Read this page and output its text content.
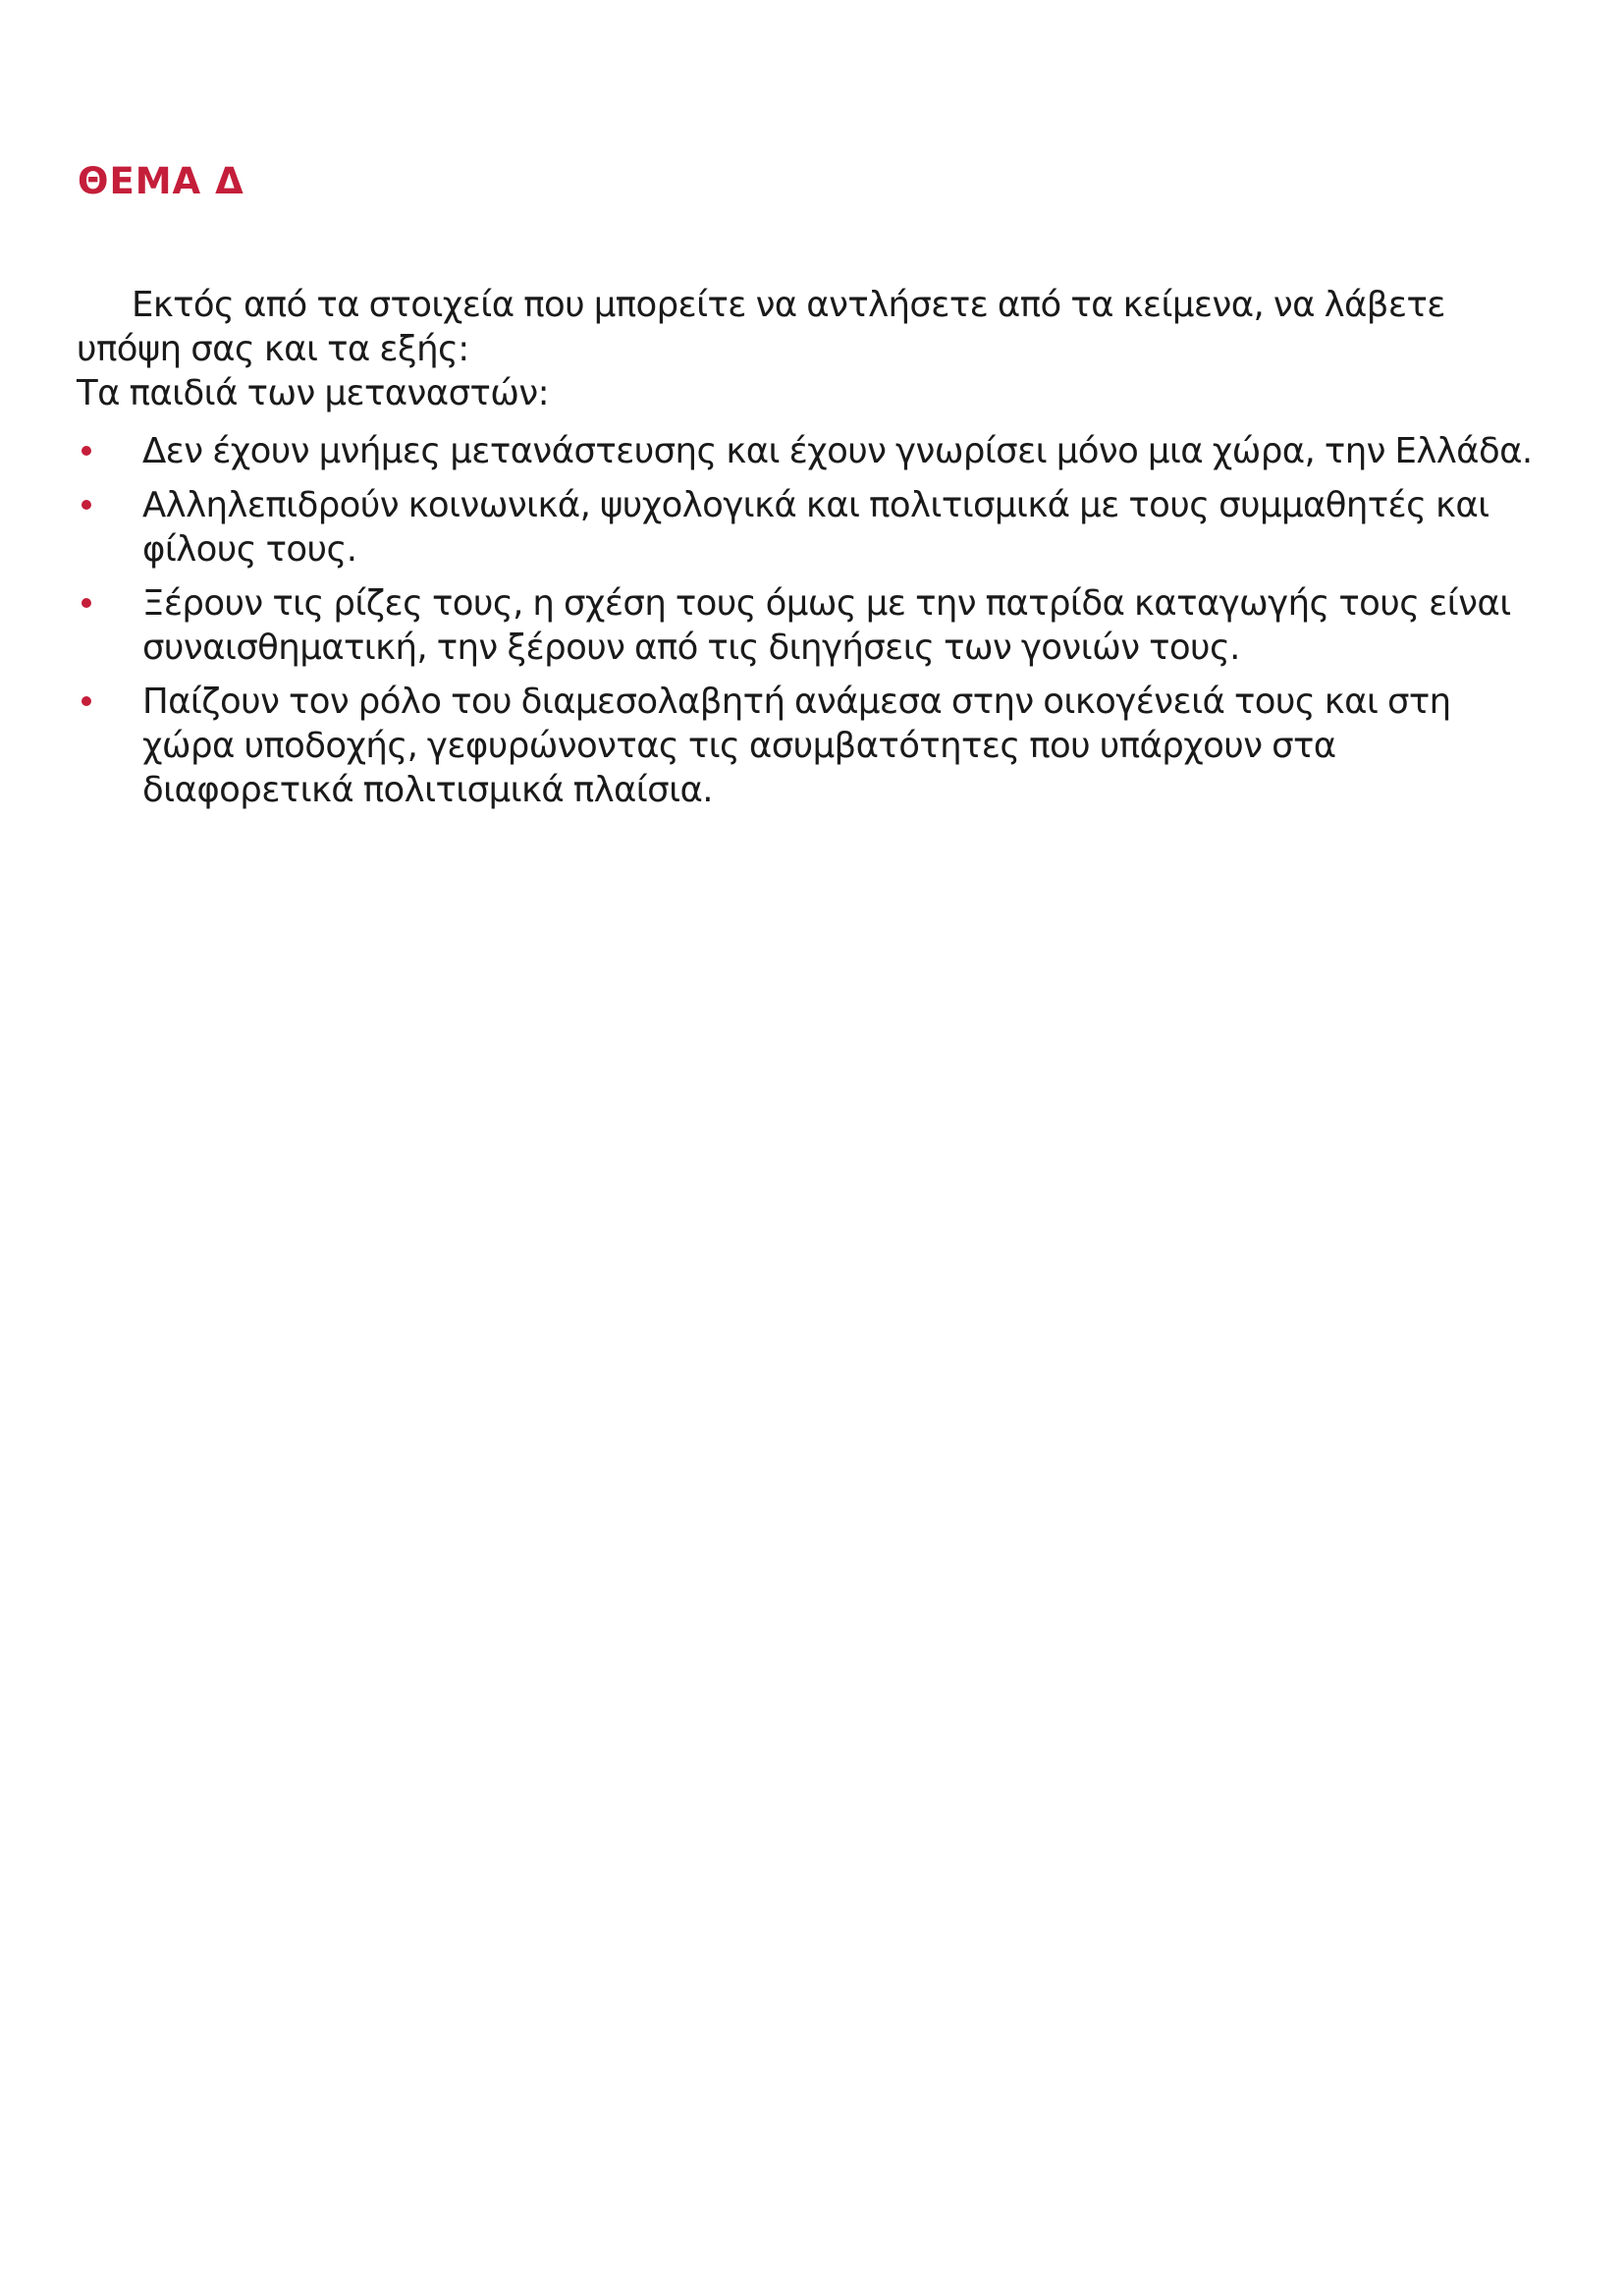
ΘΕΜΑ Δ

Εκτός από τα στοιχεία που μπορείτε να αντλήσετε από τα κείμενα, να λάβετε υπόψη σας και τα εξής:

Τα παιδιά των μεταναστών:

Δεν έχουν μνήμες μετανάστευσης και έχουν γνωρίσει μόνο μια χώρα, την Ελλάδα.
Αλληλεπιδρούν κοινωνικά, ψυχολογικά και πολιτισμικά με τους συμμαθητές και φίλους τους.
Ξέρουν τις ρίζες τους, η σχέση τους όμως με την πατρίδα καταγωγής τους είναι συναισθηματική, την ξέρουν από τις διηγήσεις των γονιών τους.
Παίζουν τον ρόλο του διαμεσολαβητή ανάμεσα στην οικογένειά τους και στη χώρα υποδοχής, γεφυρώνοντας τις ασυμβατότητες που υπάρχουν στα διαφορετικά πολιτισμικά πλαίσια.
